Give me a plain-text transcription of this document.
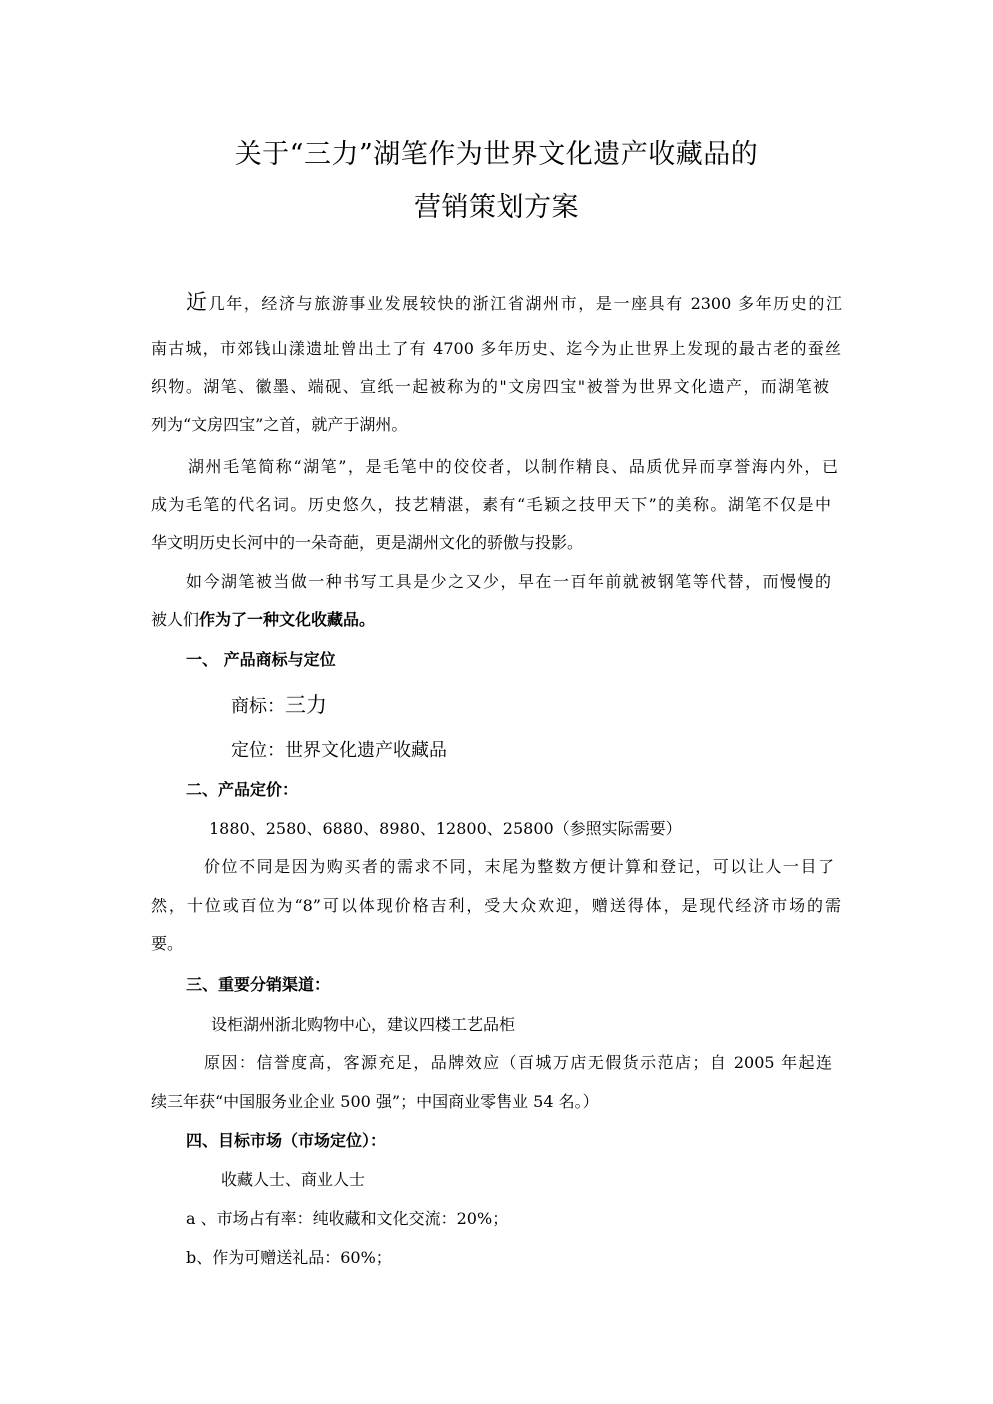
关于“三力”湖笔作为世界文化遗产收藏品的
营销策划方案
近几年，经济与旅游事业发展较快的浙江省湖州市，是一座具有 2300 多年历史的江
南古城，市郊钱山漾遗址曾出土了有 4700 多年历史、迄今为止世界上发现的最古老的蚕丝
织物。湖笔、徽墨、端砚、宣纸一起被称为的"文房四宝"被誉为世界文化遗产，而湖笔被
列为“文房四宝”之首，就产于湖州。
湖州毛笔简称“湖笔”，是毛笔中的佼佼者，以制作精良、品质优异而享誉海内外，已
成为毛笔的代名词。历史悠久，技艺精湛，素有“毛颖之技甲天下”的美称。湖笔不仅是中
华文明历史长河中的一朵奇葩，更是湖州文化的骄傲与投影。
如今湖笔被当做一种书写工具是少之又少，早在一百年前就被钢笔等代替，而慢慢的
被人们作为了一种文化收藏品。
一、 产品商标与定位
商标：三力
定位：世界文化遗产收藏品
二、产品定价：
1880、2580、6880、8980、12800、25800（参照实际需要）
价位不同是因为购买者的需求不同，末尾为整数方便计算和登记，可以让人一目了
然，十位或百位为“8”可以体现价格吉利，受大众欢迎，赠送得体，是现代经济市场的需
要。
三、重要分销渠道：
设柜湖州浙北购物中心，建议四楼工艺品柜
原因：信誉度高，客源充足，品牌效应（百城万店无假货示范店；自 2005 年起连
续三年获“中国服务业企业 500 强”；中国商业零售业 54 名。）
四、目标市场（市场定位）：
收藏人士、商业人士
a 、市场占有率：纯收藏和文化交流：20%；
b、作为可赠送礼品：60%；
